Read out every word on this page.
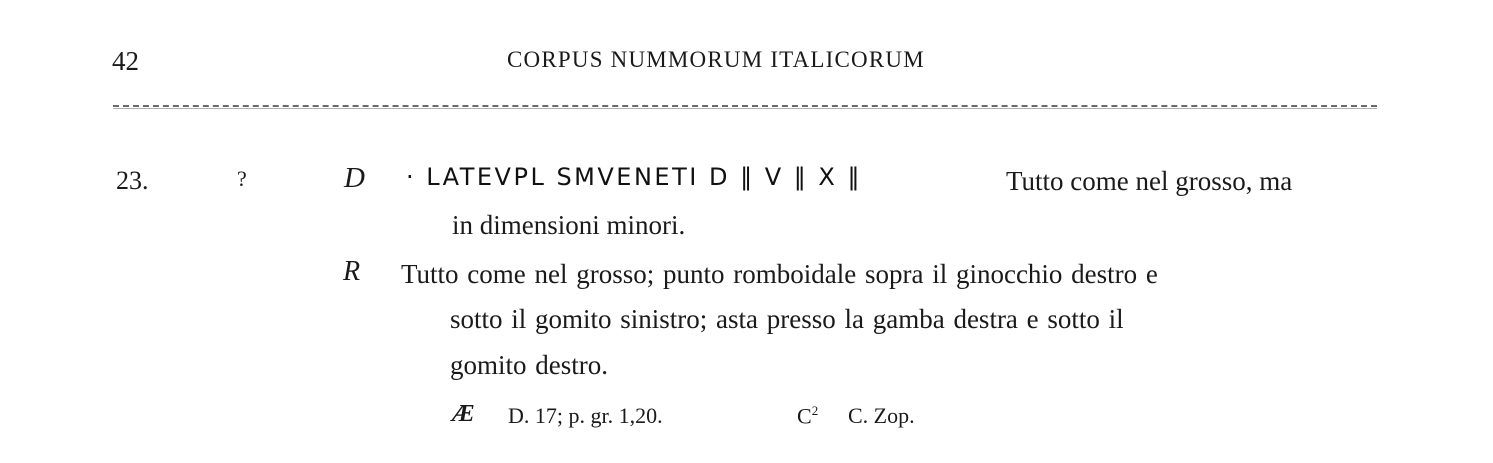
42	CORPUS NUMMORUM ITALICORUM
23.	?	D · LATEVPL SMVENETI D ‖ V ‖ X ‖	Tutto come nel grosso, ma
in dimensioni minori.
R Tutto come nel grosso; punto romboidale sopra il ginocchio destro e
sotto il gomito sinistro; asta presso la gamba destra e sotto il
gomito destro.
Æ D. 17; p. gr. 1,20.	$C^2$ C. Zop.
